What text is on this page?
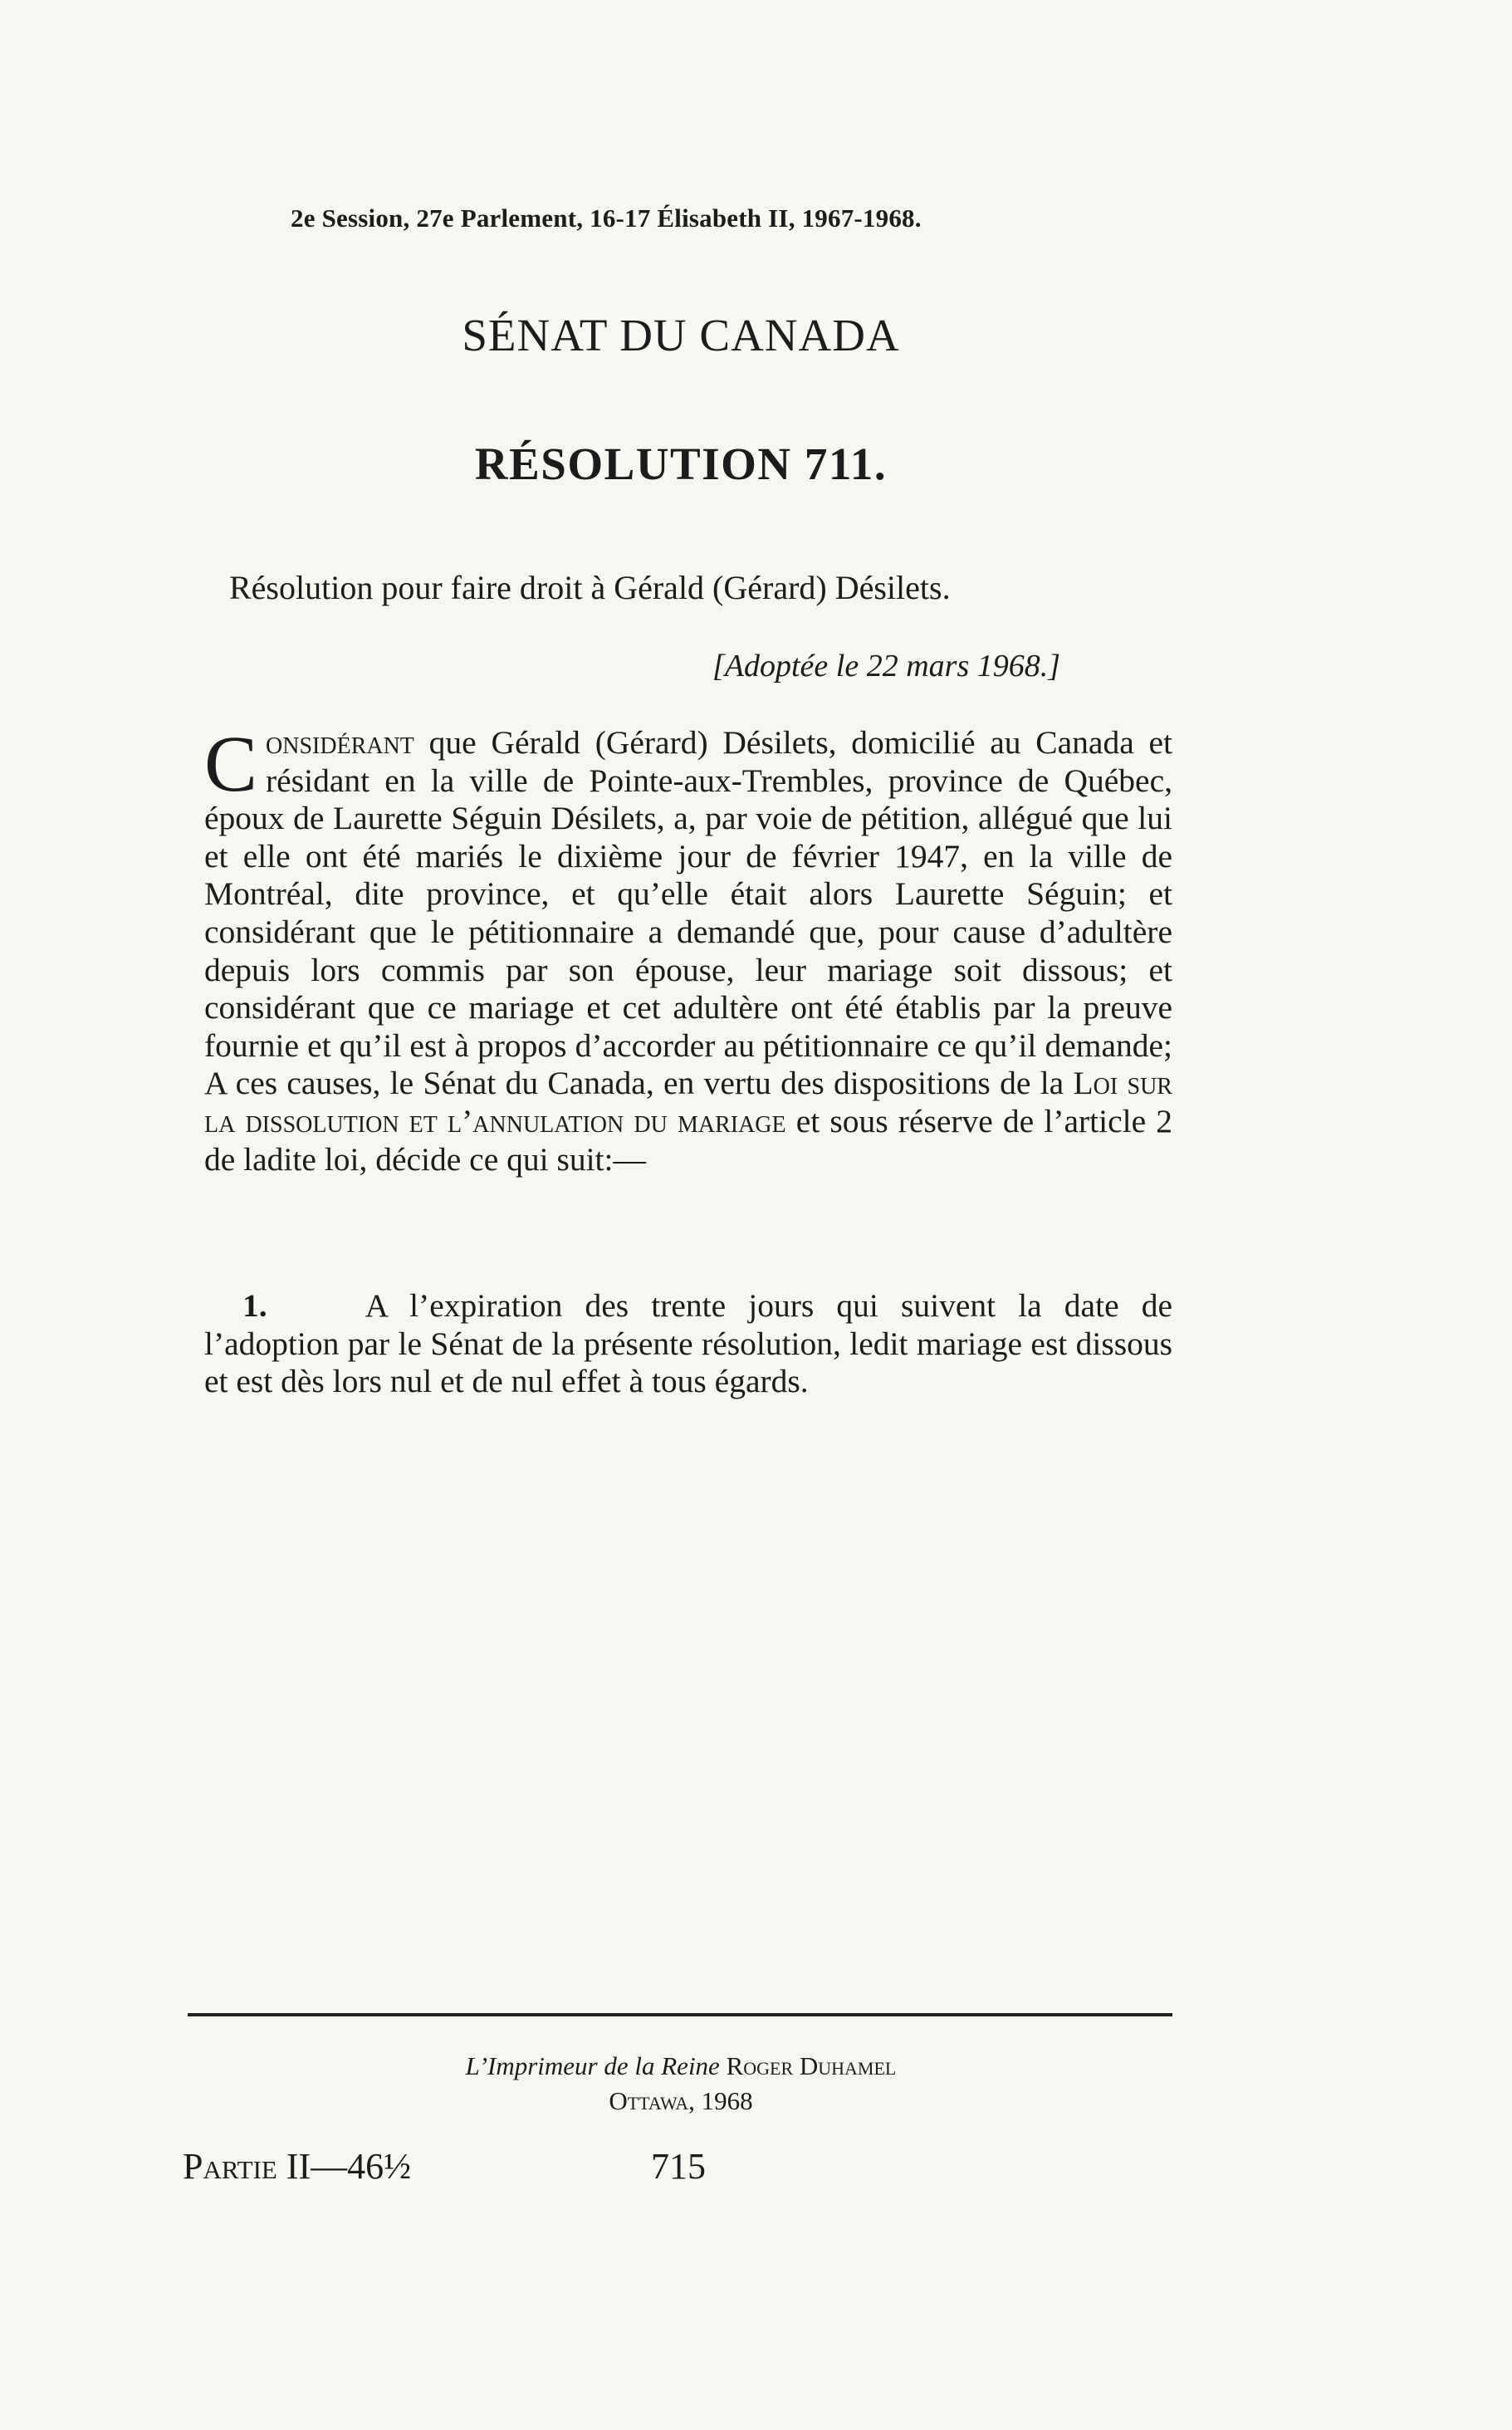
2e Session, 27e Parlement, 16-17 Élisabeth II, 1967-1968.
SÉNAT DU CANADA
RÉSOLUTION 711.
Résolution pour faire droit à Gérald (Gérard) Désilets.
[Adoptée le 22 mars 1968.]
Considérant que Gérald (Gérard) Désilets, domicilié au Canada et résidant en la ville de Pointe-aux-Trembles, province de Québec, époux de Laurette Séguin Désilets, a, par voie de pétition, allégué que lui et elle ont été mariés le dixième jour de février 1947, en la ville de Montréal, dite province, et qu’elle était alors Laurette Séguin; et considérant que le pétitionnaire a demandé que, pour cause d’adultère depuis lors commis par son épouse, leur mariage soit dissous; et considérant que ce mariage et cet adultère ont été établis par la preuve fournie et qu’il est à propos d’accorder au pétitionnaire ce qu’il demande; A ces causes, le Sénat du Canada, en vertu des dispositions de la Loi sur la dissolution et l’annulation du mariage et sous réserve de l’article 2 de ladite loi, décide ce qui suit:—
1.	A l’expiration des trente jours qui suivent la date de l’adoption par le Sénat de la présente résolution, ledit mariage est dissous et est dès lors nul et de nul effet à tous égards.
L’Imprimeur de la Reine Roger Duhamel
Ottawa, 1968
Partie II—46½	715
